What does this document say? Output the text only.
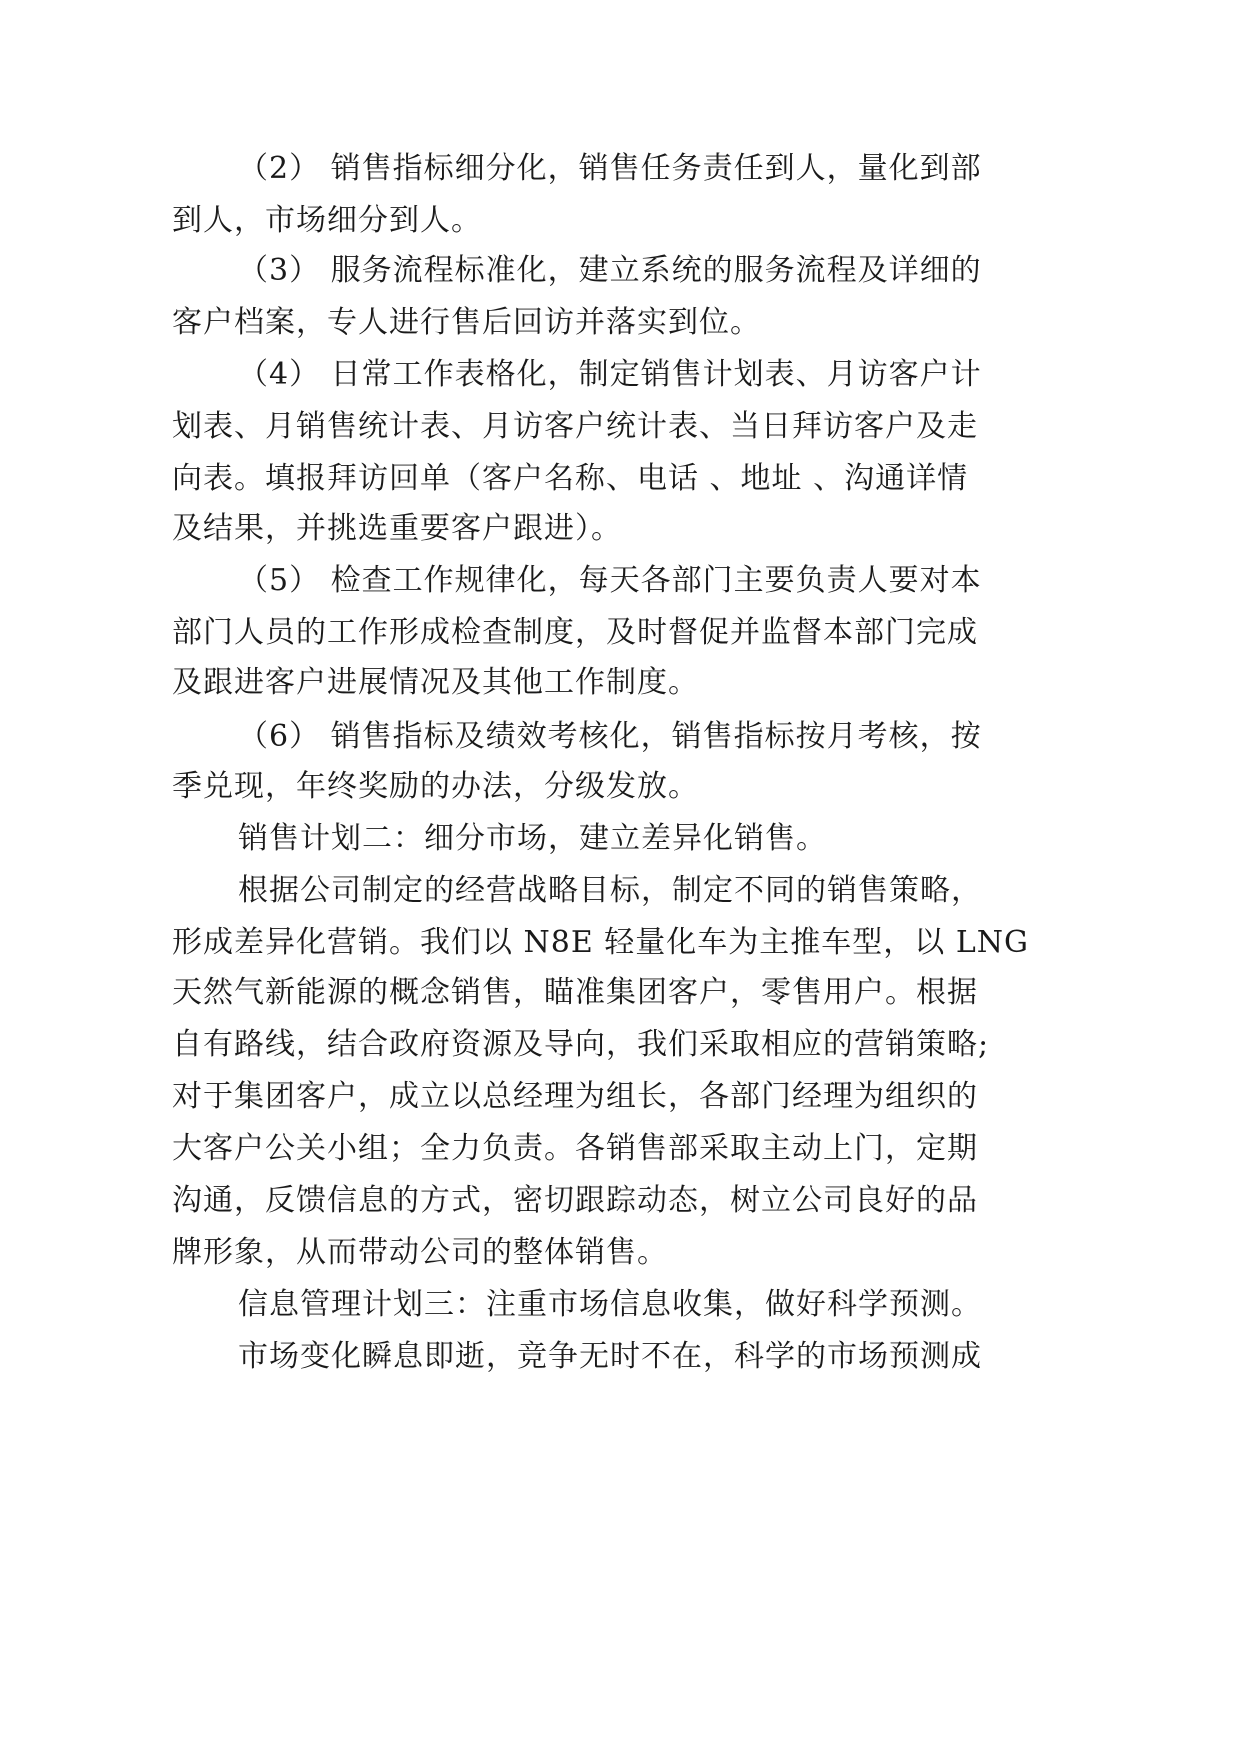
（2） 销售指标细分化，销售任务责任到人，量化到部
到人，市场细分到人。
（3） 服务流程标准化，建立系统的服务流程及详细的
客户档案，专人进行售后回访并落实到位。
（4） 日常工作表格化，制定销售计划表、月访客户计
划表、月销售统计表、月访客户统计表、当日拜访客户及走
向表。填报拜访回单（客户名称、电话 、地址 、沟通详情
及结果，并挑选重要客户跟进）。
（5） 检查工作规律化，每天各部门主要负责人要对本
部门人员的工作形成检查制度，及时督促并监督本部门完成
及跟进客户进展情况及其他工作制度。
（6） 销售指标及绩效考核化，销售指标按月考核，按
季兑现，年终奖励的办法，分级发放。
销售计划二：细分市场，建立差异化销售。
根据公司制定的经营战略目标，制定不同的销售策略，
形成差异化营销。我们以 N8E 轻量化车为主推车型，以 LNG
天然气新能源的概念销售，瞄准集团客户，零售用户。根据
自有路线，结合政府资源及导向，我们采取相应的营销策略;
对于集团客户，成立以总经理为组长，各部门经理为组织的
大客户公关小组；全力负责。各销售部采取主动上门，定期
沟通，反馈信息的方式，密切跟踪动态，树立公司良好的品
牌形象，从而带动公司的整体销售。
信息管理计划三：注重市场信息收集，做好科学预测。
市场变化瞬息即逝，竞争无时不在，科学的市场预测成
